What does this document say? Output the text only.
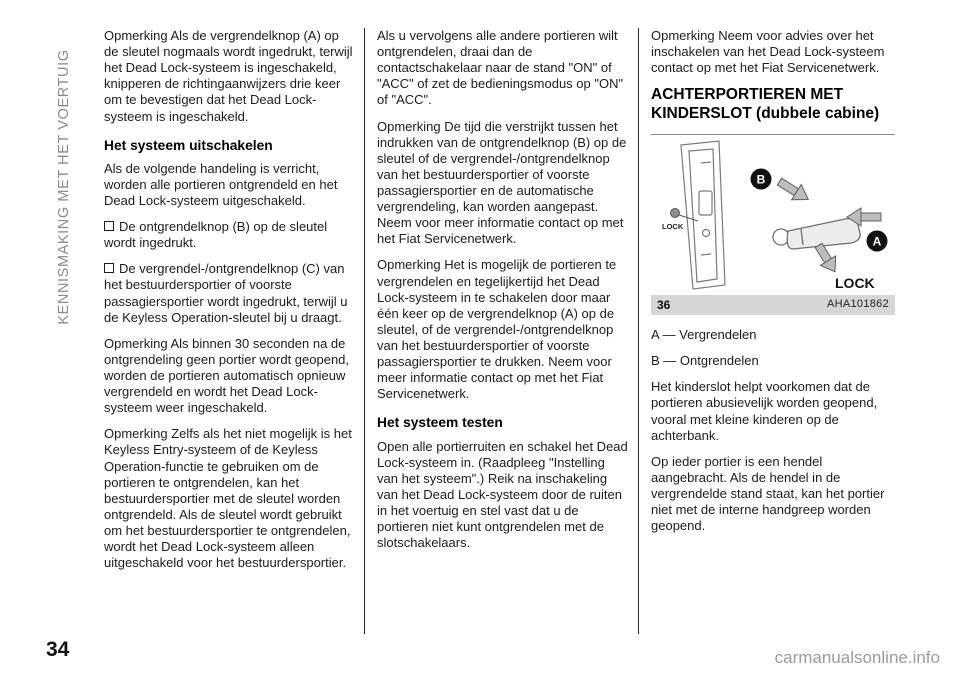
KENNISMAKING MET HET VOERTUIG
34

Opmerking Als de vergrendelknop (A) op de sleutel nogmaals wordt ingedrukt, terwijl het Dead Lock-systeem is ingeschakeld, knipperen de richtingaanwijzers drie keer om te bevestigen dat het Dead Lock-systeem is ingeschakeld.

Het systeem uitschakelen

Als de volgende handeling is verricht, worden alle portieren ontgrendeld en het Dead Lock-systeem uitgeschakeld.

De ontgrendelknop (B) op de sleutel wordt ingedrukt.

De vergrendel-/ontgrendelknop (C) van het bestuurdersportier of voorste passagiersportier wordt ingedrukt, terwijl u de Keyless Operation-sleutel bij u draagt.

Opmerking Als binnen 30 seconden na de ontgrendeling geen portier wordt geopend, worden de portieren automatisch opnieuw vergrendeld en wordt het Dead Lock-systeem weer ingeschakeld.

Opmerking Zelfs als het niet mogelijk is het Keyless Entry-systeem of de Keyless Operation-functie te gebruiken om de portieren te ontgrendelen, kan het bestuurdersportier met de sleutel worden ontgrendeld. Als de sleutel wordt gebruikt om het bestuurdersportier te ontgrendelen, wordt het Dead Lock-systeem alleen uitgeschakeld voor het bestuurdersportier.

Als u vervolgens alle andere portieren wilt ontgrendelen, draai dan de contactschakelaar naar de stand "ON" of "ACC" of zet de bedieningsmodus op "ON" of "ACC".

Opmerking De tijd die verstrijkt tussen het indrukken van de ontgrendelknop (B) op de sleutel of de vergrendel-/ontgrendelknop van het bestuurdersportier of voorste passagiersportier en de automatische vergrendeling, kan worden aangepast. Neem voor meer informatie contact op met het Fiat Servicenetwerk.

Opmerking Het is mogelijk de portieren te vergrendelen en tegelijkertijd het Dead Lock-systeem in te schakelen door maar één keer op de vergrendelknop (A) op de sleutel, of de vergrendel-/ontgrendelknop van het bestuurdersportier of voorste passagiersportier te drukken. Neem voor meer informatie contact op met het Fiat Servicenetwerk.

Het systeem testen

Open alle portierruiten en schakel het Dead Lock-systeem in. (Raadpleeg "Instelling van het systeem".) Reik na inschakeling van het Dead Lock-systeem door de ruiten in het voertuig en stel vast dat u de portieren niet kunt ontgrendelen met de slotschakelaars.

Opmerking Neem voor advies over het inschakelen van het Dead Lock-systeem contact op met het Fiat Servicenetwerk.

ACHTERPORTIEREN MET KINDERSLOT (dubbele cabine)
LOCK
B
A
LOCK
36	AHA101862

A — Vergrendelen

B — Ontgrendelen

Het kinderslot helpt voorkomen dat de portieren abusievelijk worden geopend, vooral met kleine kinderen op de achterbank.

Op ieder portier is een hendel aangebracht. Als de hendel in de vergrendelde stand staat, kan het portier niet met de interne handgreep worden geopend.

carmanualsonline.info
